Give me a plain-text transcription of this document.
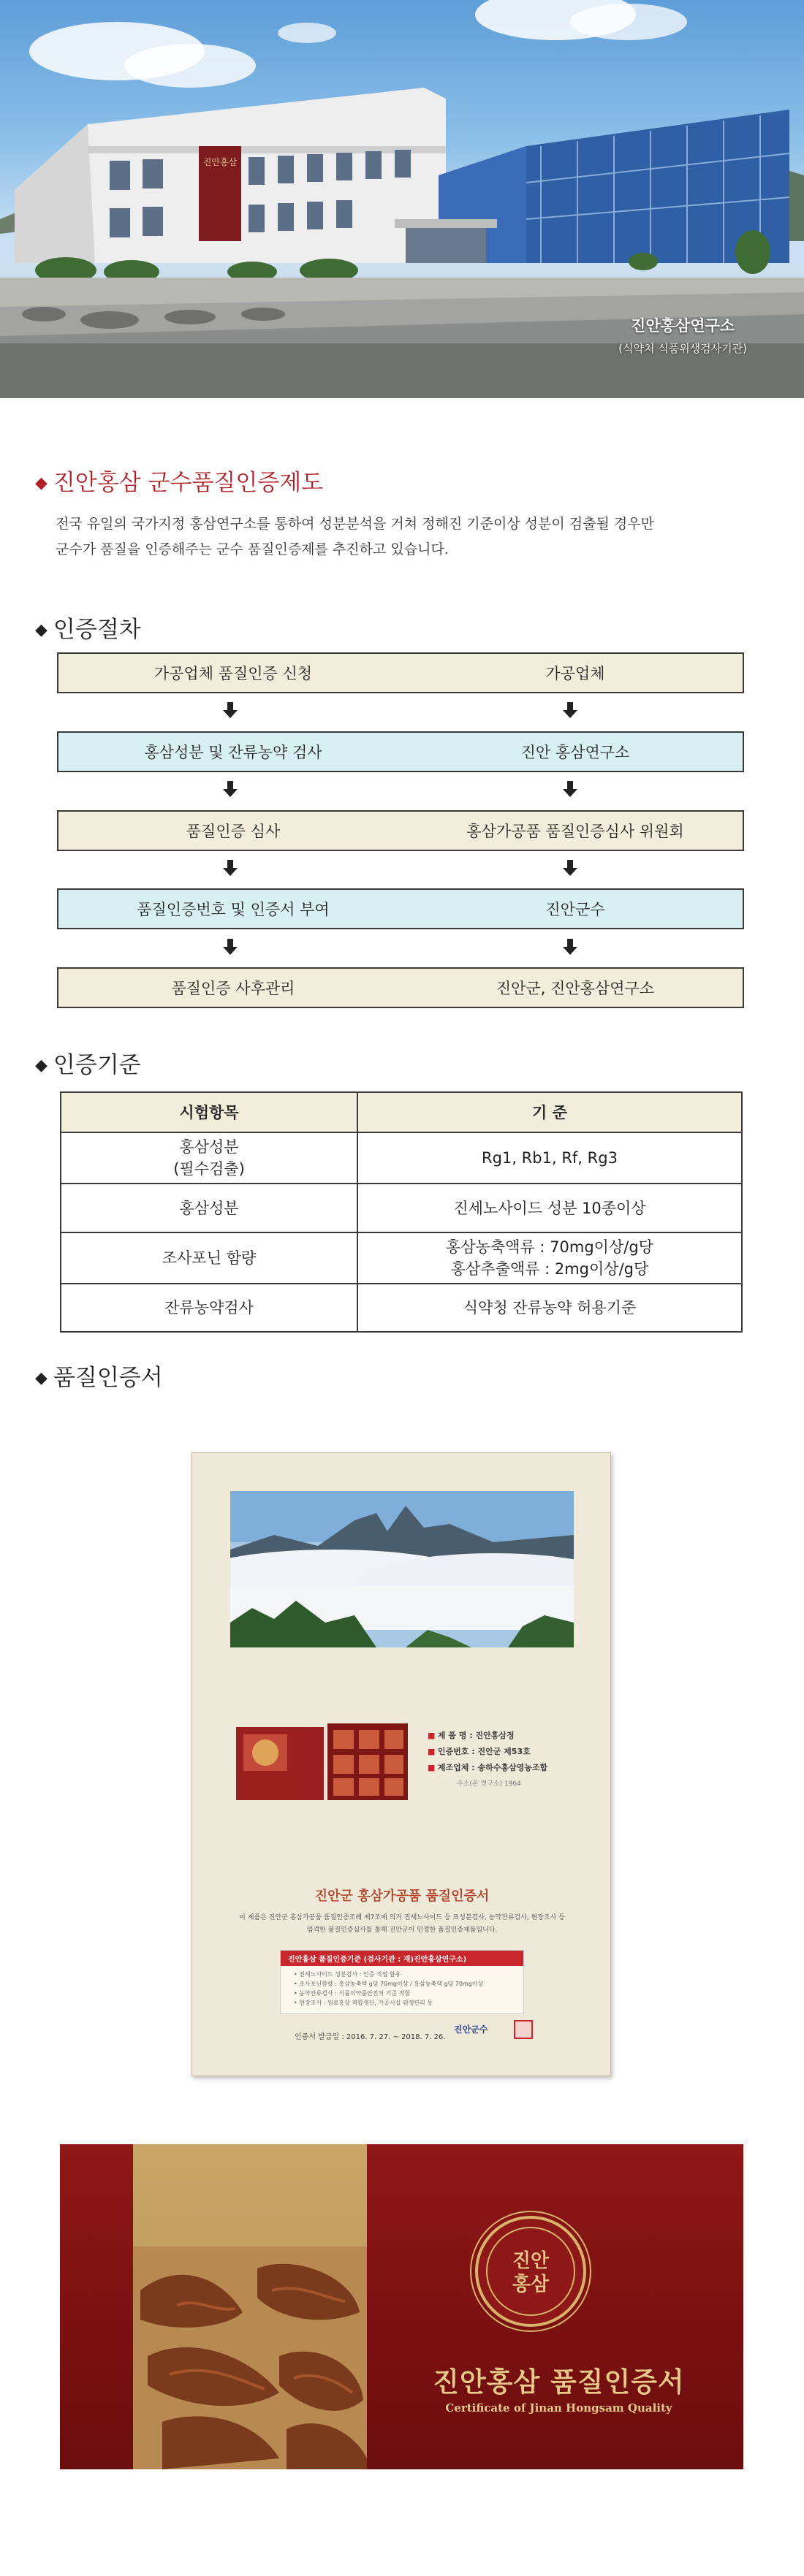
진안홍삼
진안홍삼연구소
(식약처 식품위생검사기관)
◆ 진안홍삼 군수품질인증제도
전국 유일의 국가지정 홍삼연구소를 통하여 성분분석을 거쳐 정해진 기준이상 성분이 검출될 경우만
군수가 품질을 인증해주는 군수 품질인증제를 추진하고 있습니다.
◆ 인증절차
가공업체 품질인증 신청	가공업체
홍삼성분 및 잔류농약 검사	진안 홍삼연구소
품질인증 심사	홍삼가공품 품질인증심사 위원회
품질인증번호 및 인증서 부여	진안군수
품질인증 사후관리	진안군, 진안홍삼연구소
◆ 인증기준
시험항목	기 준

홍삼성분
(필수검출)	Rg1, Rb1, Rf, Rg3

홍삼성분	진세노사이드 성분 10종이상

조사포닌 함량	홍삼농축액류 : 70mg이상/g당
홍삼추출액류 : 2mg이상/g당

잔류농약검사	식약청 잔류농약 허용기준
◆ 품질인증서
■ 제 품 명 : 진안홍삼정
■ 인증번호 : 진안군 제53호
■ 제조업체 : 송하수홍삼영농조합
주소(본 연구소) 1964
진안군 홍삼가공품 품질인증서
이 제품은 진안군 홍삼가공품 품질인증조례 제7조에 의거 진세노사이드 등 표성분검사, 농약잔류검사, 현장조사 등
엄격한 품질인증심사를 통해 진안군이 인정한 품질인증제품입니다.
진안홍삼 품질인증기준 (검사기관 : 재)진안홍삼연구소)
• 진세노사이드 성분검사 : 인증 직접 함유
• 조사포닌함량 : 홍삼농축액 g당 70mg이상 / 홍삼농축액 g당 70mg이상
• 농약잔류검사 : 식품의약품안전처 기준 적합
• 현장조사 : 원료홍삼 적합생산, 가공시설 위생관리 등
인증서 발급일 : 2016. 7. 27. ~ 2018. 7. 26.
진안군수
진안
홍삼
진안홍삼 품질인증서
Certificate of Jinan Hongsam Quality
